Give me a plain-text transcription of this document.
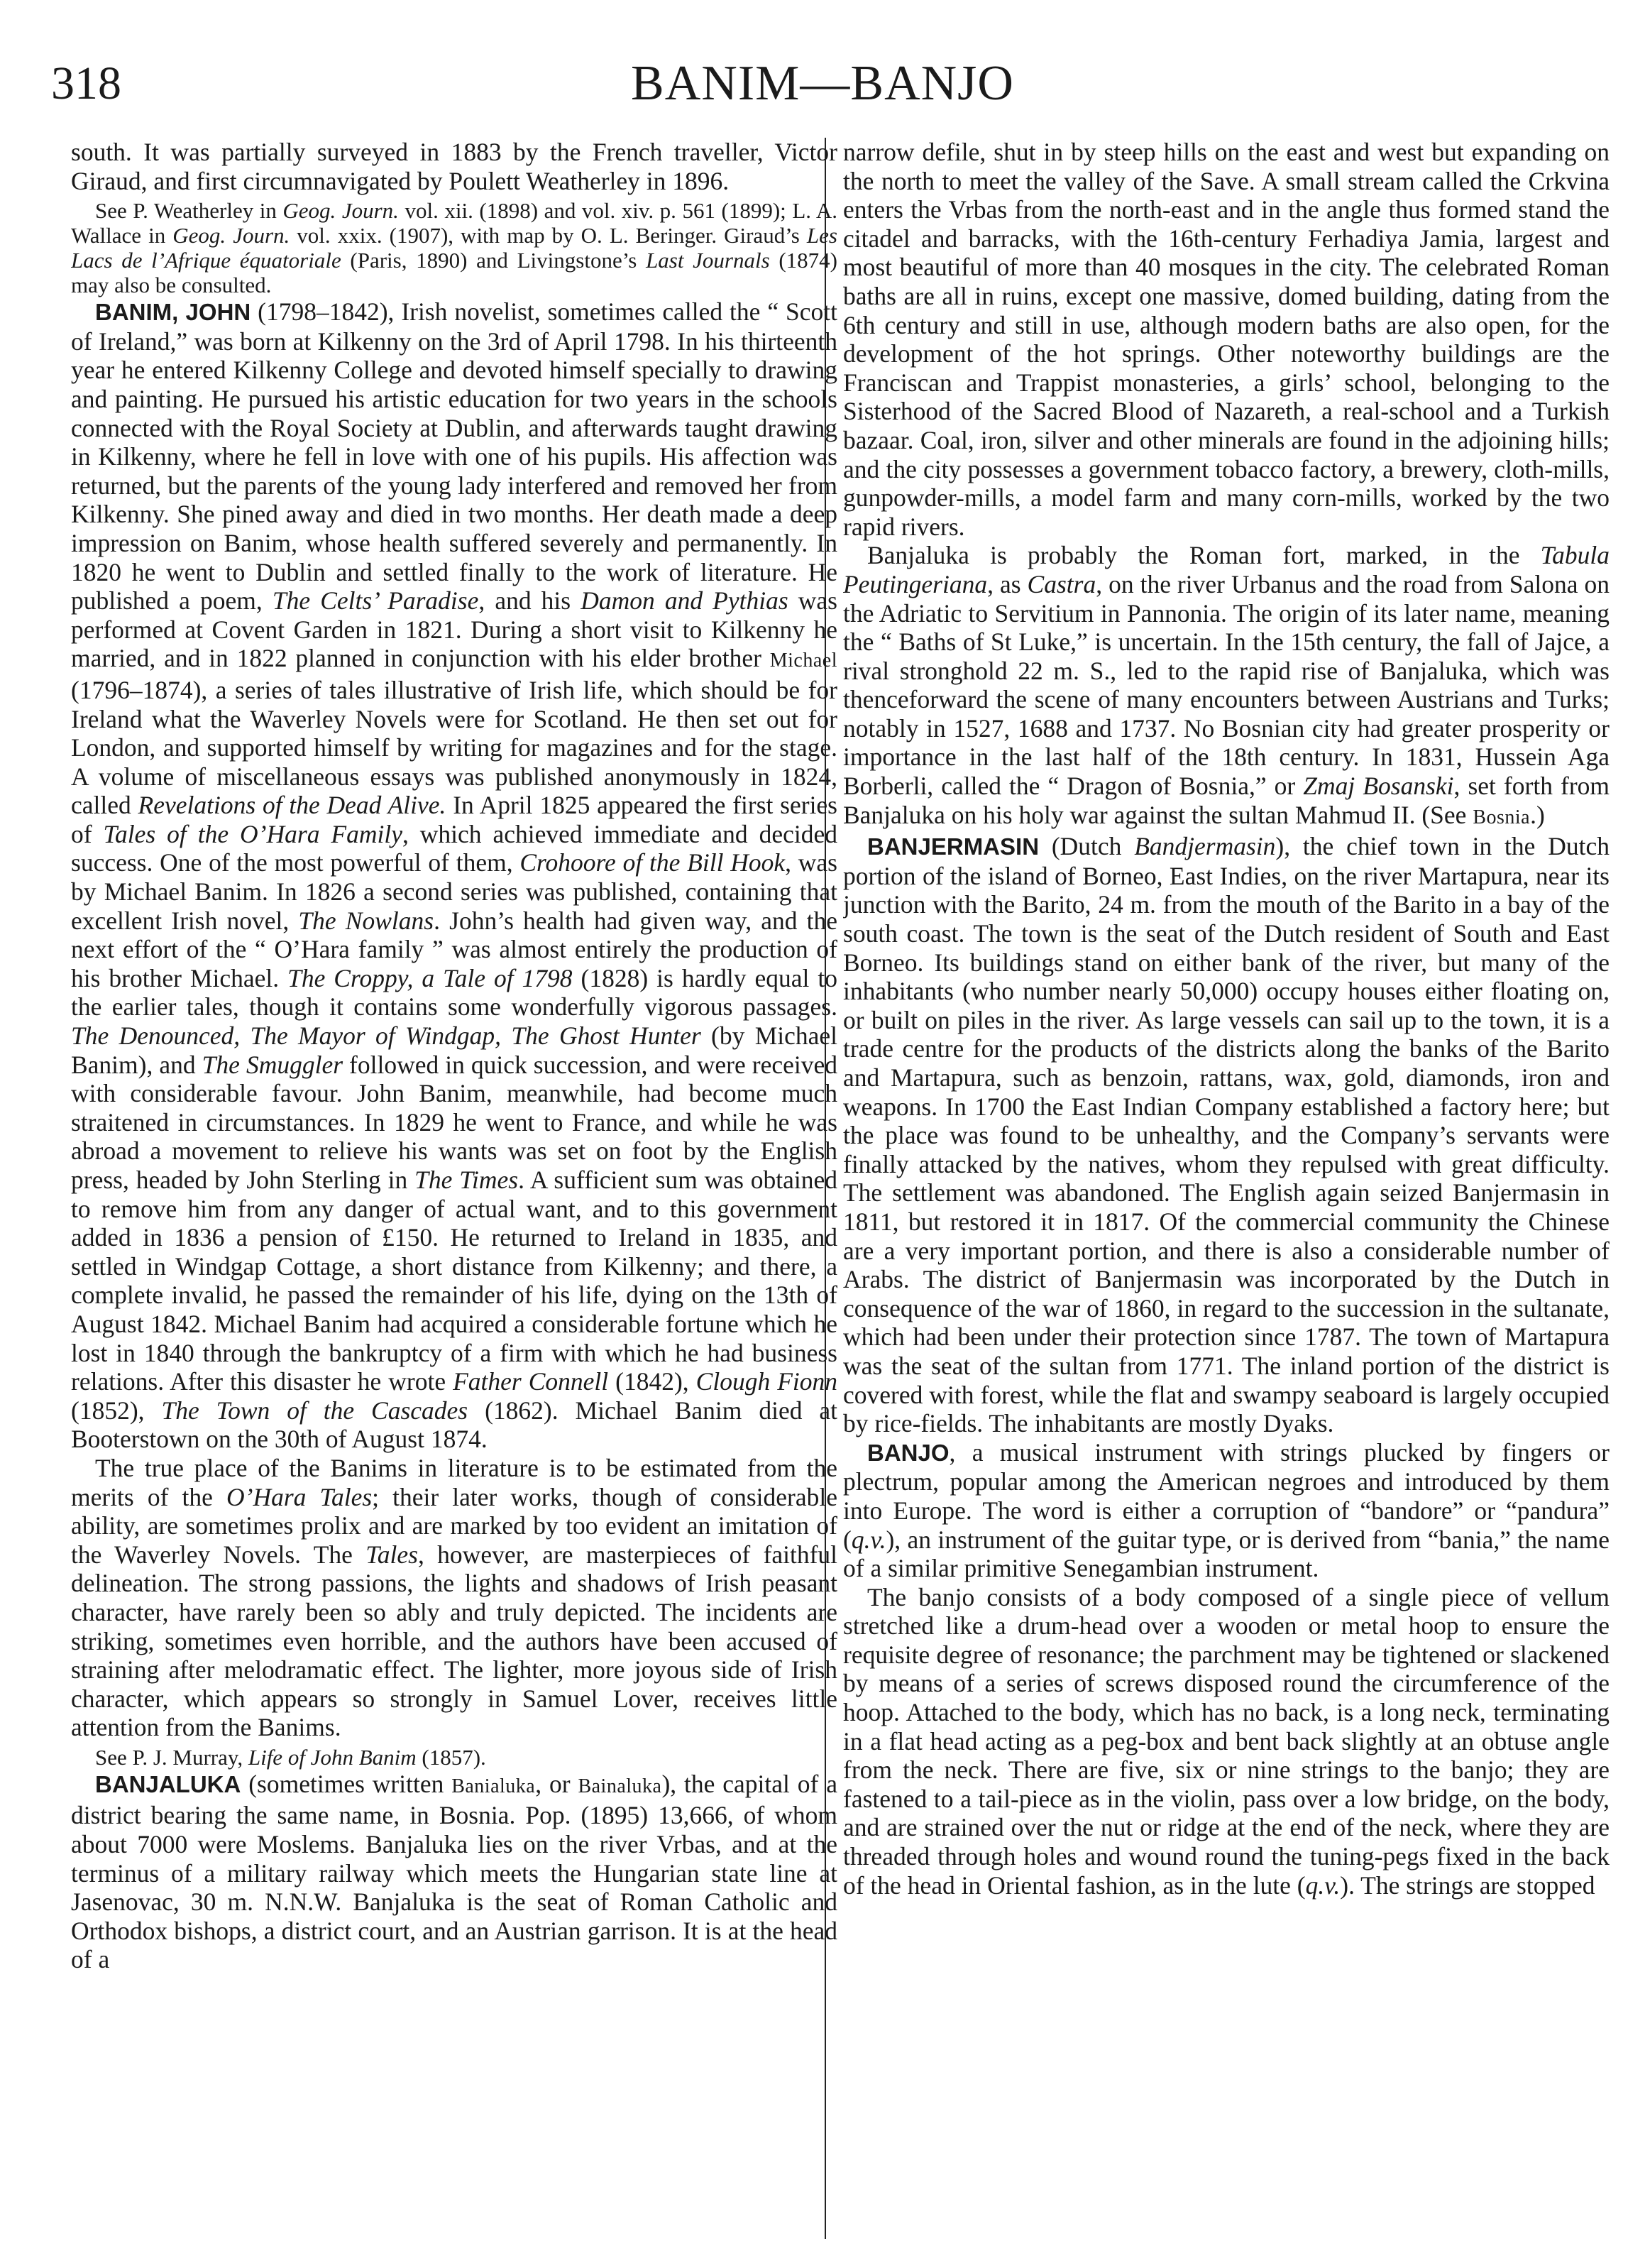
318	BANIM—BANJO

south. It was partially surveyed in 1883 by the French traveller, Victor Giraud, and first circumnavigated by Poulett Weatherley in 1896.

See P. Weatherley in Geog. Journ. vol. xii. (1898) and vol. xiv. p. 561 (1899); L. A. Wallace in Geog. Journ. vol. xxix. (1907), with map by O. L. Beringer. Giraud’s Les Lacs de l’Afrique équatoriale (Paris, 1890) and Livingstone’s Last Journals (1874) may also be consulted.

BANIM, JOHN (1798–1842), Irish novelist, sometimes called the “ Scott of Ireland,” was born at Kilkenny on the 3rd of April 1798. In his thirteenth year he entered Kilkenny College and devoted himself specially to drawing and painting. He pursued his artistic education for two years in the schools connected with the Royal Society at Dublin, and afterwards taught drawing in Kilkenny, where he fell in love with one of his pupils. His affection was returned, but the parents of the young lady interfered and removed her from Kilkenny. She pined away and died in two months. Her death made a deep impression on Banim, whose health suffered severely and permanently. In 1820 he went to Dublin and settled finally to the work of literature. He published a poem, The Celts’ Paradise, and his Damon and Pythias was performed at Covent Garden in 1821. During a short visit to Kilkenny he married, and in 1822 planned in conjunction with his elder brother Michael (1796–1874), a series of tales illustrative of Irish life, which should be for Ireland what the Waverley Novels were for Scotland. He then set out for London, and supported himself by writing for magazines and for the stage. A volume of miscellaneous essays was published anonymously in 1824, called Revelations of the Dead Alive. In April 1825 appeared the first series of Tales of the O’Hara Family, which achieved immediate and decided success. One of the most powerful of them, Crohoore of the Bill Hook, was by Michael Banim. In 1826 a second series was published, containing that excellent Irish novel, The Nowlans. John’s health had given way, and the next effort of the “ O’Hara family ” was almost entirely the production of his brother Michael. The Croppy, a Tale of 1798 (1828) is hardly equal to the earlier tales, though it contains some wonderfully vigorous passages. The Denounced, The Mayor of Windgap, The Ghost Hunter (by Michael Banim), and The Smuggler followed in quick succession, and were received with considerable favour. John Banim, meanwhile, had become much straitened in circumstances. In 1829 he went to France, and while he was abroad a movement to relieve his wants was set on foot by the English press, headed by John Sterling in The Times. A sufficient sum was obtained to remove him from any danger of actual want, and to this government added in 1836 a pension of £150. He returned to Ireland in 1835, and settled in Windgap Cottage, a short distance from Kilkenny; and there, a complete invalid, he passed the remainder of his life, dying on the 13th of August 1842. Michael Banim had acquired a considerable fortune which he lost in 1840 through the bankruptcy of a firm with which he had business relations. After this disaster he wrote Father Connell (1842), Clough Fionn (1852), The Town of the Cascades (1862). Michael Banim died at Booterstown on the 30th of August 1874.

The true place of the Banims in literature is to be estimated from the merits of the O’Hara Tales; their later works, though of considerable ability, are sometimes prolix and are marked by too evident an imitation of the Waverley Novels. The Tales, however, are masterpieces of faithful delineation. The strong passions, the lights and shadows of Irish peasant character, have rarely been so ably and truly depicted. The incidents are striking, sometimes even horrible, and the authors have been accused of straining after melodramatic effect. The lighter, more joyous side of Irish character, which appears so strongly in Samuel Lover, receives little attention from the Banims.

See P. J. Murray, Life of John Banim (1857).

BANJALUKA (sometimes written Banialuka, or Bainaluka), the capital of a district bearing the same name, in Bosnia. Pop. (1895) 13,666, of whom about 7000 were Moslems. Banjaluka lies on the river Vrbas, and at the terminus of a military railway which meets the Hungarian state line at Jasenovac, 30 m. N.N.W. Banjaluka is the seat of Roman Catholic and Orthodox bishops, a district court, and an Austrian garrison. It is at the head of a

narrow defile, shut in by steep hills on the east and west but expanding on the north to meet the valley of the Save. A small stream called the Crkvina enters the Vrbas from the north-east and in the angle thus formed stand the citadel and barracks, with the 16th-century Ferhadiya Jamia, largest and most beautiful of more than 40 mosques in the city. The celebrated Roman baths are all in ruins, except one massive, domed building, dating from the 6th century and still in use, although modern baths are also open, for the development of the hot springs. Other noteworthy buildings are the Franciscan and Trappist monasteries, a girls’ school, belonging to the Sisterhood of the Sacred Blood of Nazareth, a real-school and a Turkish bazaar. Coal, iron, silver and other minerals are found in the adjoining hills; and the city possesses a government tobacco factory, a brewery, cloth-mills, gunpowder-mills, a model farm and many corn-mills, worked by the two rapid rivers.

Banjaluka is probably the Roman fort, marked, in the Tabula Peutingeriana, as Castra, on the river Urbanus and the road from Salona on the Adriatic to Servitium in Pannonia. The origin of its later name, meaning the “ Baths of St Luke,” is uncertain. In the 15th century, the fall of Jajce, a rival stronghold 22 m. S., led to the rapid rise of Banjaluka, which was thenceforward the scene of many encounters between Austrians and Turks; notably in 1527, 1688 and 1737. No Bosnian city had greater prosperity or importance in the last half of the 18th century. In 1831, Hussein Aga Borberli, called the “ Dragon of Bosnia,” or Zmaj Bosanski, set forth from Banjaluka on his holy war against the sultan Mahmud II. (See Bosnia.)

BANJERMASIN (Dutch Bandjermasin), the chief town in the Dutch portion of the island of Borneo, East Indies, on the river Martapura, near its junction with the Barito, 24 m. from the mouth of the Barito in a bay of the south coast. The town is the seat of the Dutch resident of South and East Borneo. Its buildings stand on either bank of the river, but many of the inhabitants (who number nearly 50,000) occupy houses either floating on, or built on piles in the river. As large vessels can sail up to the town, it is a trade centre for the products of the districts along the banks of the Barito and Martapura, such as benzoin, rattans, wax, gold, diamonds, iron and weapons. In 1700 the East Indian Company established a factory here; but the place was found to be unhealthy, and the Company’s servants were finally attacked by the natives, whom they repulsed with great difficulty. The settlement was abandoned. The English again seized Banjermasin in 1811, but restored it in 1817. Of the commercial community the Chinese are a very important portion, and there is also a considerable number of Arabs. The district of Banjermasin was incorporated by the Dutch in consequence of the war of 1860, in regard to the succession in the sultanate, which had been under their protection since 1787. The town of Martapura was the seat of the sultan from 1771. The inland portion of the district is covered with forest, while the flat and swampy seaboard is largely occupied by rice-fields. The inhabitants are mostly Dyaks.

BANJO, a musical instrument with strings plucked by fingers or plectrum, popular among the American negroes and introduced by them into Europe. The word is either a corruption of “bandore” or “pandura” (q.v.), an instrument of the guitar type, or is derived from “bania,” the name of a similar primitive Senegambian instrument.

The banjo consists of a body composed of a single piece of vellum stretched like a drum-head over a wooden or metal hoop to ensure the requisite degree of resonance; the parchment may be tightened or slackened by means of a series of screws disposed round the circumference of the hoop. Attached to the body, which has no back, is a long neck, terminating in a flat head acting as a peg-box and bent back slightly at an obtuse angle from the neck. There are five, six or nine strings to the banjo; they are fastened to a tail-piece as in the violin, pass over a low bridge, on the body, and are strained over the nut or ridge at the end of the neck, where they are threaded through holes and wound round the tuning-pegs fixed in the back of the head in Oriental fashion, as in the lute (q.v.). The strings are stopped
